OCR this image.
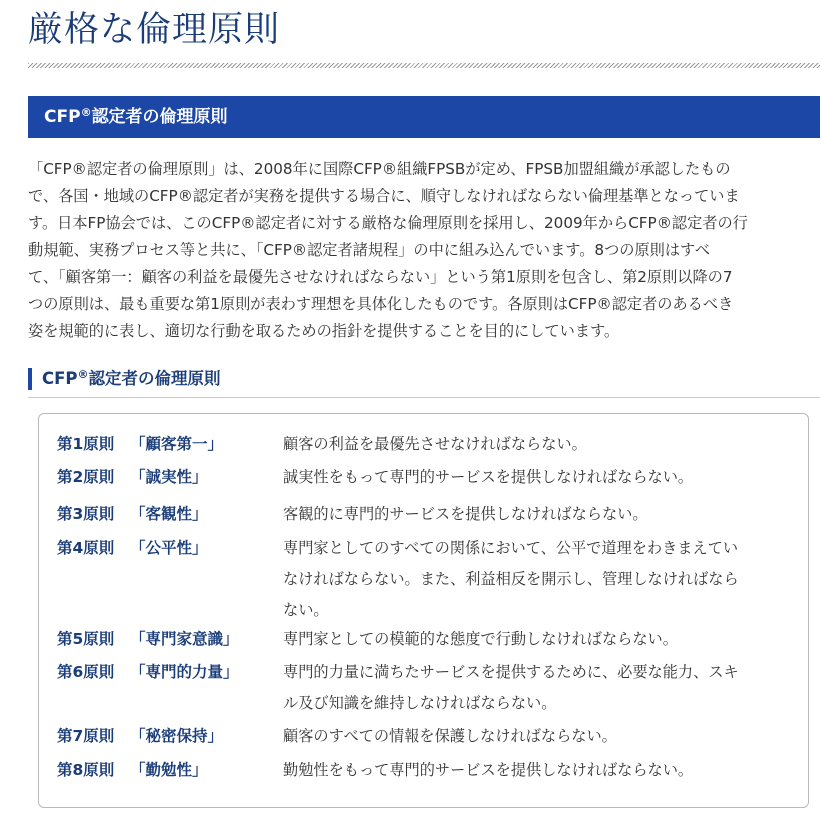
厳格な倫理原則
CFP®認定者の倫理原則

「CFP®認定者の倫理原則」は、2008年に国際CFP®組織FPSBが定め、FPSB加盟組織が承認したもの
で、各国・地域のCFP®認定者が実務を提供する場合に、順守しなければならない倫理基準となっていま
す。日本FP協会では、このCFP®認定者に対する厳格な倫理原則を採用し、2009年からCFP®認定者の行
動規範、実務プロセス等と共に、「CFP®認定者諸規程」の中に組み込んでいます。8つの原則はすべ
て、「顧客第一：顧客の利益を最優先させなければならない」という第1原則を包含し、第2原則以降の7
つの原則は、最も重要な第1原則が表わす理想を具体化したものです。各原則はCFP®認定者のあるべき
姿を規範的に表し、適切な行動を取るための指針を提供することを目的にしています。

CFP®認定者の倫理原則
第1原則 「顧客第一」	顧客の利益を最優先させなければならない。
第2原則 「誠実性」	誠実性をもって専門的サービスを提供しなければならない。
第3原則 「客観性」	客観的に専門的サービスを提供しなければならない。
第4原則 「公平性」	専門家としてのすべての関係において、公平で道理をわきまえてい
なければならない。また、利益相反を開示し、管理しなければなら
ない。
第5原則 「専門家意識」	専門家としての模範的な態度で行動しなければならない。
第6原則 「専門的力量」	専門的力量に満ちたサービスを提供するために、必要な能力、スキ
ル及び知識を維持しなければならない。
第7原則 「秘密保持」	顧客のすべての情報を保護しなければならない。
第8原則 「勤勉性」	勤勉性をもって専門的サービスを提供しなければならない。
